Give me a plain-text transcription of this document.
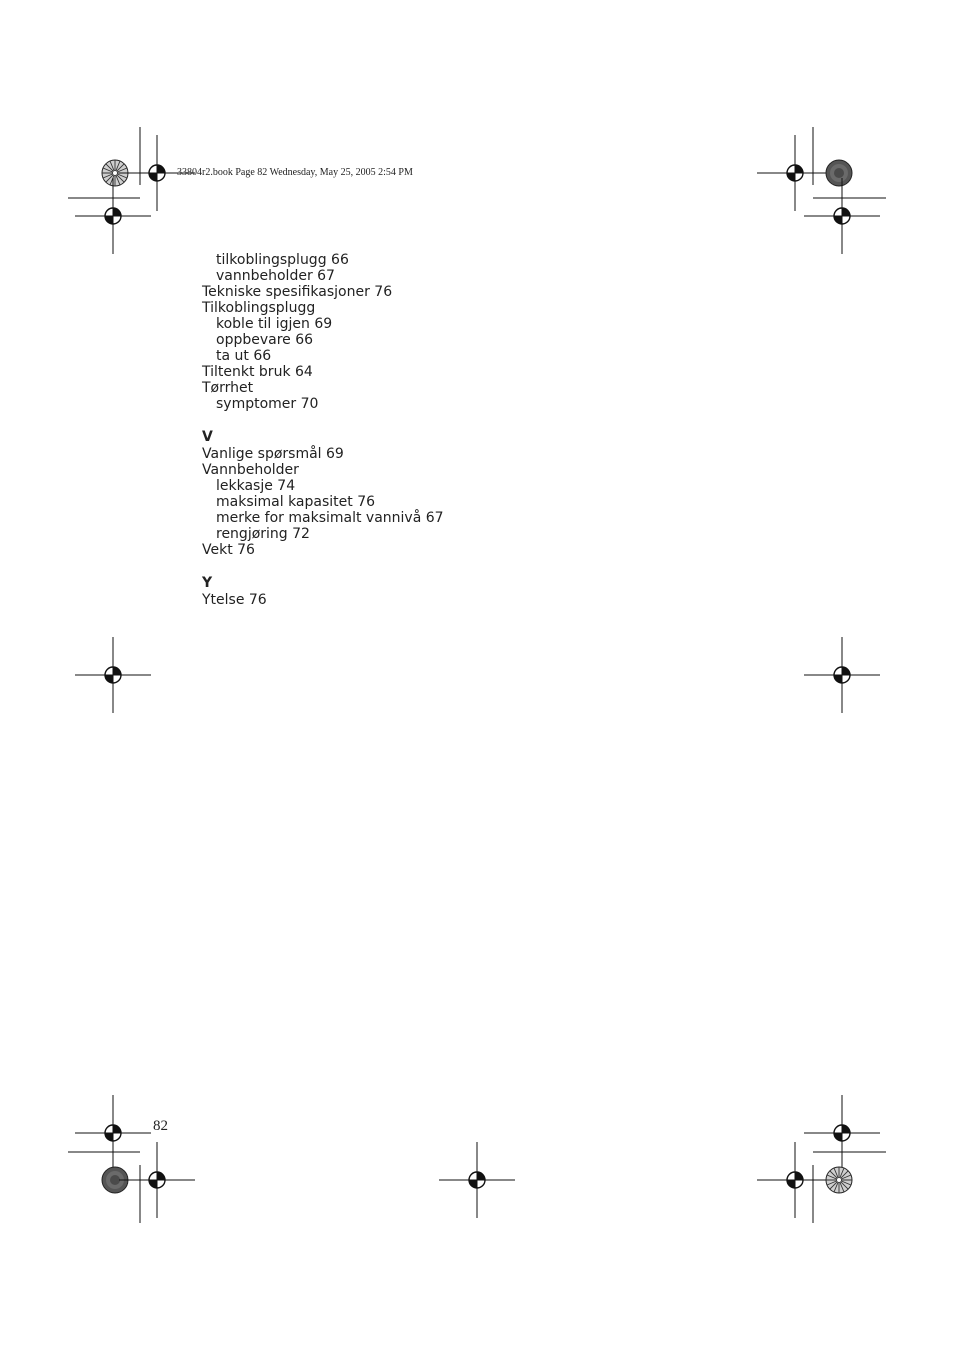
33804r2.book Page 82 Wednesday, May 25, 2005 2:54 PM
tilkoblingsplugg 66
vannbeholder 67
Tekniske spesifikasjoner 76
Tilkoblingsplugg
koble til igjen 69
oppbevare 66
ta ut 66
Tiltenkt bruk 64
Tørrhet
symptomer 70
V
Vanlige spørsmål 69
Vannbeholder
lekkasje 74
maksimal kapasitet 76
merke for maksimalt vannivå 67
rengjøring 72
Vekt 76
Y
Ytelse 76
82
